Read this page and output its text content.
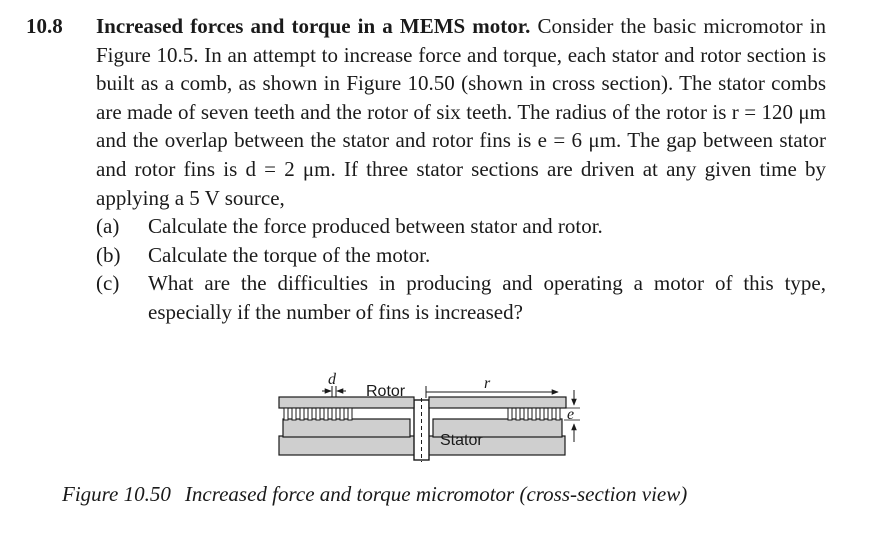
10.8 Increased forces and torque in a MEMS motor. Consider the basic micromotor in Figure 10.5. In an attempt to increase force and torque, each stator and rotor section is built as a comb, as shown in Figure 10.50 (shown in cross section). The stator combs are made of seven teeth and the rotor of six teeth. The radius of the rotor is r = 120 μm and the overlap between the stator and rotor fins is e = 6 μm. The gap between stator and rotor fins is d = 2 μm. If three stator sections are driven at any given time by applying a 5 V source,
(a) Calculate the force produced between stator and rotor.
(b) Calculate the torque of the motor.
(c) What are the difficulties in producing and operating a motor of this type, especially if the number of fins is increased?
d
Rotor	r
e
Stator
Figure 10.50 Increased force and torque micromotor (cross-section view)
